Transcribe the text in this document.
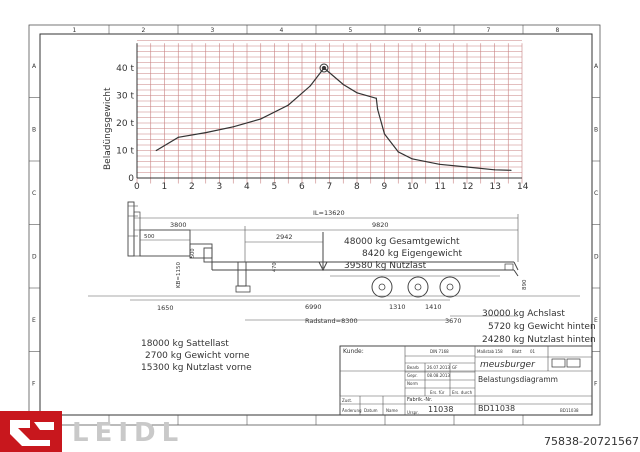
1	2	3	4	5	6	7	8
A	A
B	B
C	C
D	D
E	E
F	F
0 1 2 3 4 5 6 7 8 9 10 11 12 13 14
0
10 t
20 t
30 t
40 t
Beladüngsgewicht
IL=13620
3800	9820
2942
500
500
470
KB=1150	890
1650	6990	1310	1410
3670
Radstand=8300
48000 kg Gesamtgewicht
8420 kg Eigengewicht
39580 kg Nutzlast
30000 kg Achslast
5720 kg Gewicht hinten
24280 kg Nutzlast hinten
18000 kg Sattellast
2700 kg Gewicht vorne
15300 kg Nutzlast vorne
Kunde:	DIN 7168	Maßstab 158 Blatt 01
meusburger
Belastungsdiagramm
Bearb 26.07.2013 GF
Gepr. 08.08.2013
Norm
Fabrik.-Nr.
11038	BD11038
Zust.
Änderung Datum Name Urspr.
Ers. für Ers. durch
BD11038
LEIDL	75838-20721567
